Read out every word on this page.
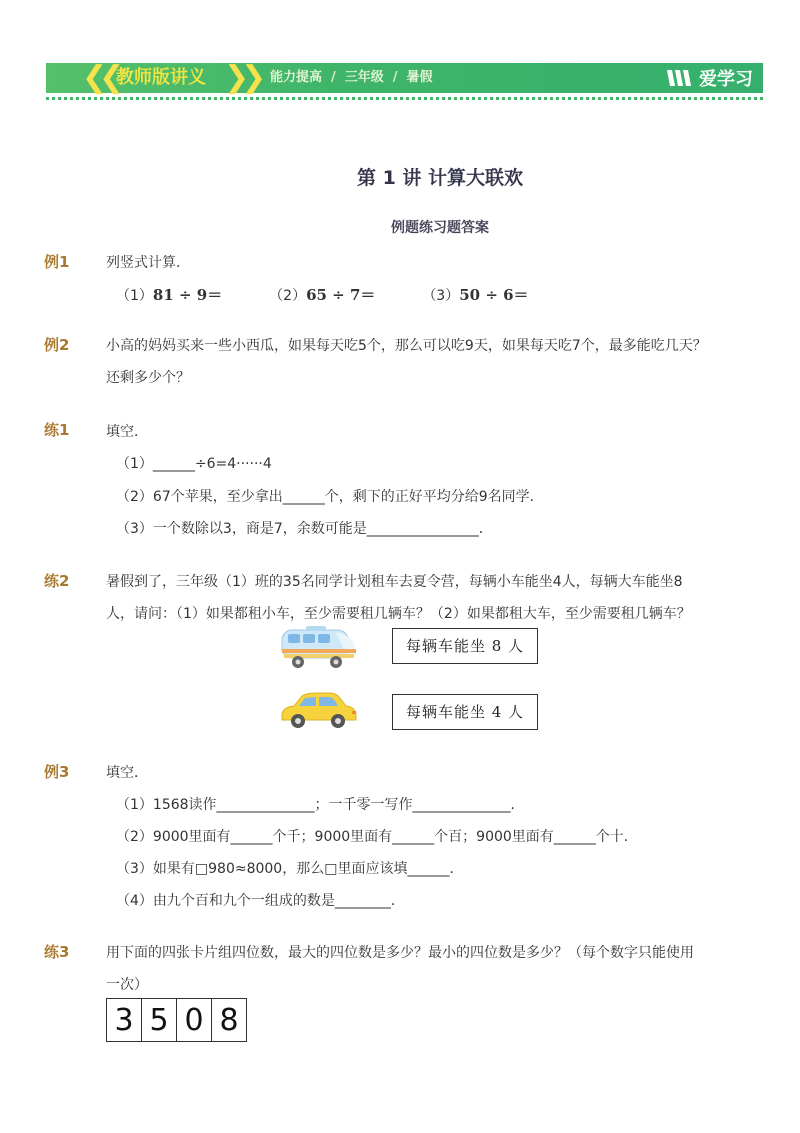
❮❮ 教师版讲义 ❯❯ 能力提高 / 三年级 / 暑假	爱学习
第 1 讲 计算大联欢
例题练习题答案
例1	列竖式计算．
（1）81 ÷ 9＝	（2）65 ÷ 7＝	（3）50 ÷ 6＝
例2	小高的妈妈买来一些小西瓜，如果每天吃5个，那么可以吃9天，如果每天吃7个，最多能吃几天？
还剩多少个？
练1	填空．
（1）______÷6=4······4
（2）67个苹果，至少拿出______个，剩下的正好平均分给9名同学．
（3）一个数除以3，商是7，余数可能是________________．
练2	暑假到了，三年级（1）班的35名同学计划租车去夏令营，每辆小车能坐4人，每辆大车能坐8
人，请问：（1）如果都租小车，至少需要租几辆车？（2）如果都租大车，至少需要租几辆车？
每辆车能坐 8 人
每辆车能坐 4 人
例3	填空．
（1）1568读作______________；一千零一写作______________．
（2）9000里面有______个千；9000里面有______个百；9000里面有______个十．
（3）如果有□980≈8000，那么□里面应该填______．
（4）由九个百和九个一组成的数是________．
练3	用下面的四张卡片组四位数，最大的四位数是多少？最小的四位数是多少？（每个数字只能使用
一次）
3 5 0 8
